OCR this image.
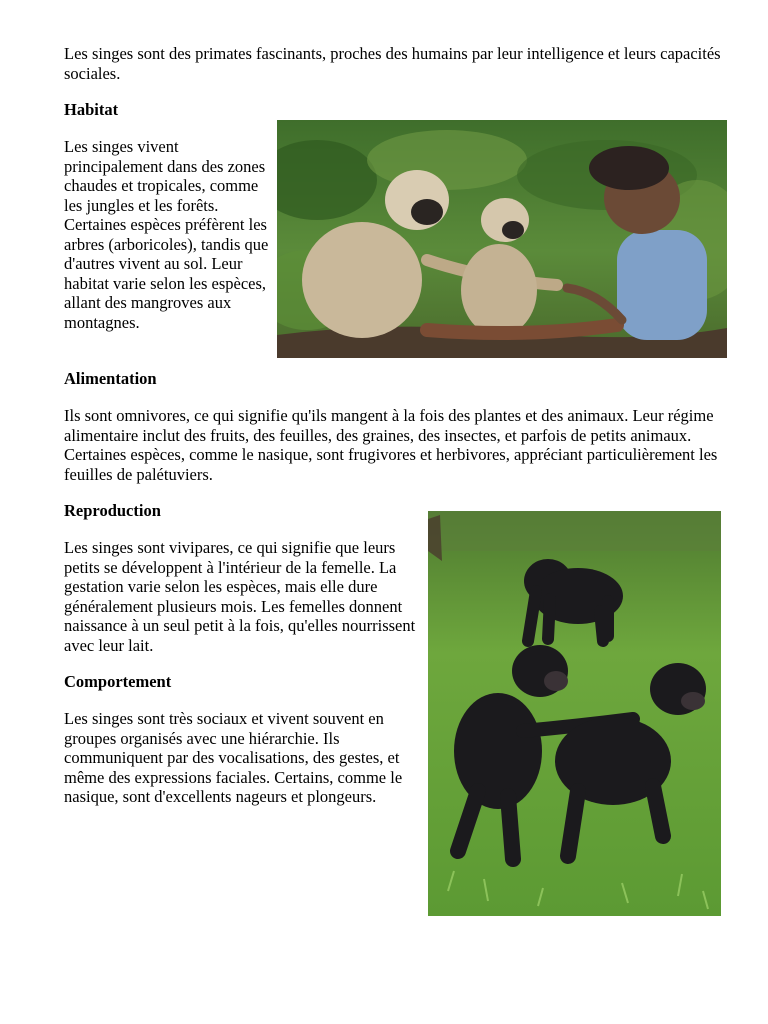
Les singes sont des primates fascinants, proches des humains par leur intelligence et leurs capacités sociales.

Habitat

Les singes vivent principalement dans des zones chaudes et tropicales, comme les jungles et les forêts. Certaines espèces préfèrent les arbres (arboricoles), tandis que d'autres vivent au sol. Leur habitat varie selon les espèces, allant des mangroves aux montagnes.

Alimentation

Ils sont omnivores, ce qui signifie qu'ils mangent à la fois des plantes et des animaux. Leur régime alimentaire inclut des fruits, des feuilles, des graines, des insectes, et parfois de petits animaux. Certaines espèces, comme le nasique, sont frugivores et herbivores, appréciant particulièrement les feuilles de palétuviers.

Reproduction

Les singes sont vivipares, ce qui signifie que leurs petits se développent à l'intérieur de la femelle. La gestation varie selon les espèces, mais elle dure généralement plusieurs mois. Les femelles donnent naissance à un seul petit à la fois, qu'elles nourrissent avec leur lait.

Comportement

Les singes sont très sociaux et vivent souvent en groupes organisés avec une hiérarchie. Ils communiquent par des vocalisations, des gestes, et même des expressions faciales. Certains, comme le nasique, sont d'excellents nageurs et plongeurs.
